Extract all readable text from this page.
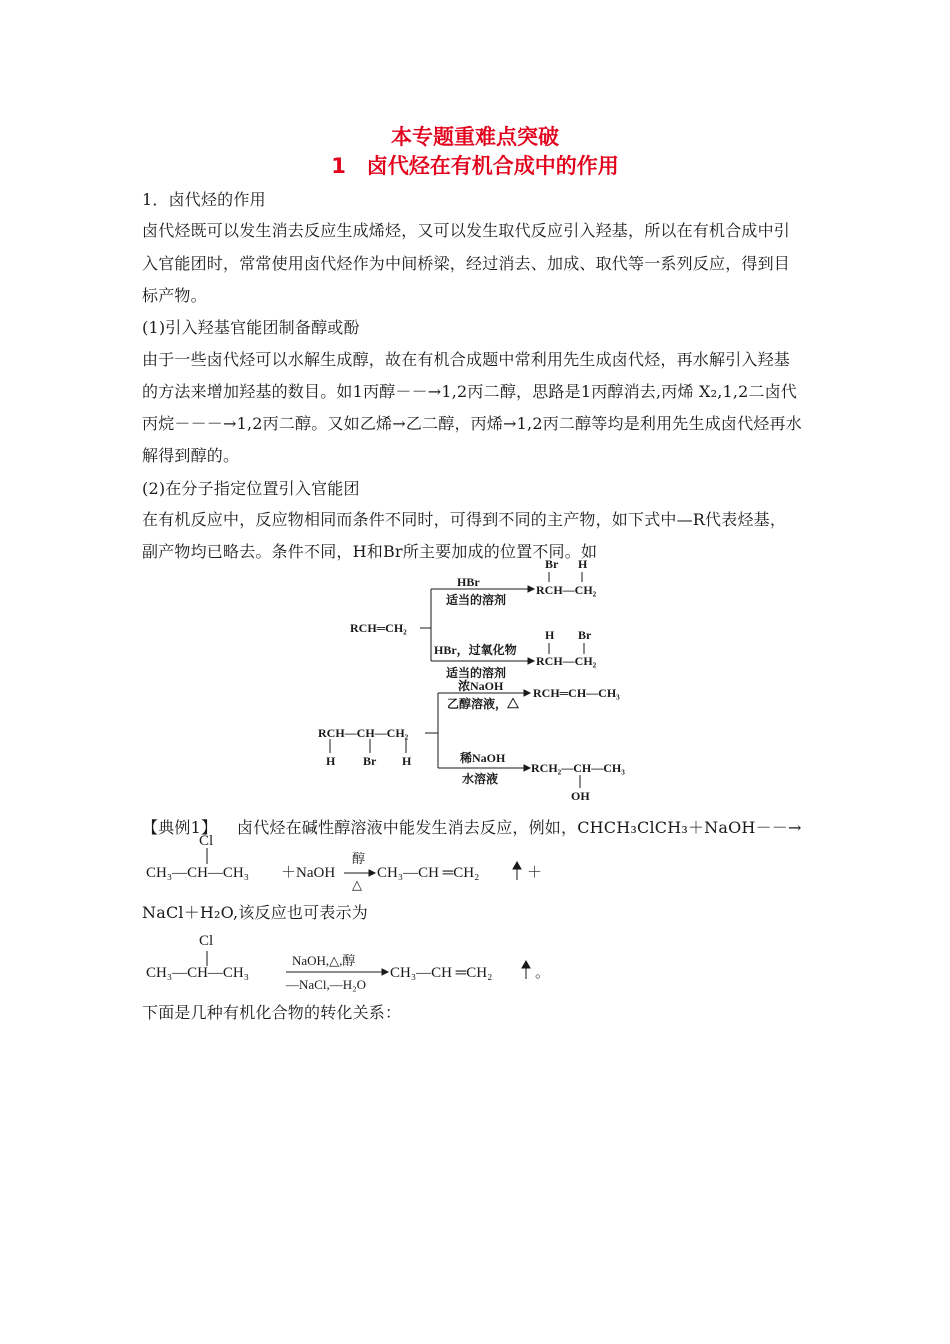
本专题重难点突破
1　卤代烃在有机合成中的作用
1．卤代烃的作用
卤代烃既可以发生消去反应生成烯烃，又可以发生取代反应引入羟基，所以在有机合成中引
入官能团时，常常使用卤代烃作为中间桥梁，经过消去、加成、取代等一系列反应，得到目
标产物。
(1)引入羟基官能团制备醇或酚
由于一些卤代烃可以水解生成醇，故在有机合成题中常利用先生成卤代烃，再水解引入羟基
的方法来增加羟基的数目。如1丙醇－－→1,2丙二醇，思路是1丙醇消去,丙烯 X₂,1,2二卤代
丙烷－－－→1,2丙二醇。又如乙烯→乙二醇，丙烯→1,2丙二醇等均是利用先生成卤代烃再水
解得到醇的。
(2)在分子指定位置引入官能团
在有机反应中，反应物相同而条件不同时，可得到不同的主产物，如下式中—R代表烃基，
副产物均已略去。条件不同，H和Br所主要加成的位置不同。如
RCH═CH₂
HBr
适当的溶剂
Br H
RCH—CH₂
HBr，过氧化物
适当的溶剂
H Br
RCH—CH₂
RCH—CH—CH₂
H Br H
浓NaOH
乙醇溶液，△
RCH═CH—CH₃
稀NaOH
水溶液
RCH₂—CH—CH₃
OH
【典例1】 卤代烃在碱性醇溶液中能发生消去反应，例如，CHCH₃ClCH₃＋NaOH－－→
Cl
CH₃—CH—CH₃ ＋NaOH
醇
△
CH₃—CH ═CH₂	＋
NaCl＋H₂O,该反应也可表示为
Cl
CH₃—CH—CH₃
NaOH,△,醇
—NaCl,—H₂O
CH₃—CH ═CH₂	。
下面是几种有机化合物的转化关系：
